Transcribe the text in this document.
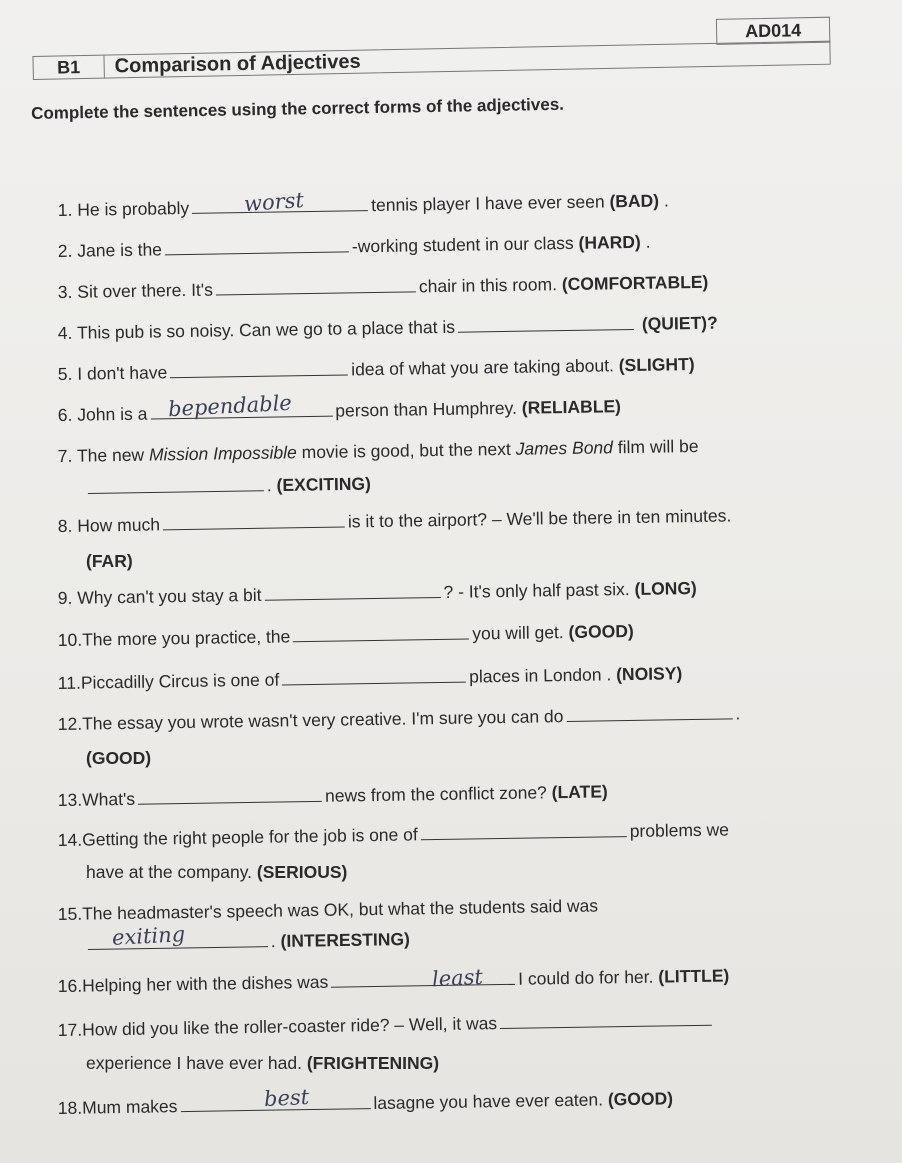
AD014
B1	Comparison of Adjectives
Complete the sentences using the correct forms of the adjectives.
1. He is probably	tennis player I have ever seen (BAD) .
worst
2. Jane is the	-working student in our class (HARD) .
3. Sit over there. It's	chair in this room. (COMFORTABLE)
4. This pub is so noisy. Can we go to a place that is	(QUIET)?
5. I don't have	idea of what you are taking about. (SLIGHT)
6. John is a	person than Humphrey. (RELIABLE)
bependable
7. The new Mission Impossible movie is good, but the next James Bond film will be
. (EXCITING)
8. How much	is it to the airport? – We'll be there in ten minutes.
(FAR)
9. Why can't you stay a bit	? - It's only half past six. (LONG)
10.The more you practice, the	you will get. (GOOD)
11.Piccadilly Circus is one of	places in London . (NOISY)
12.The essay you wrote wasn't very creative. I'm sure you can do	.
(GOOD)
13.What's	news from the conflict zone? (LATE)
14.Getting the right people for the job is one of	problems we
have at the company. (SERIOUS)
15.The headmaster's speech was OK, but what the students said was
. (INTERESTING)
exiting
16.Helping her with the dishes was	I could do for her. (LITTLE)
least
17.How did you like the roller-coaster ride? – Well, it was
experience I have ever had. (FRIGHTENING)
18.Mum makes	lasagne you have ever eaten. (GOOD)
best
